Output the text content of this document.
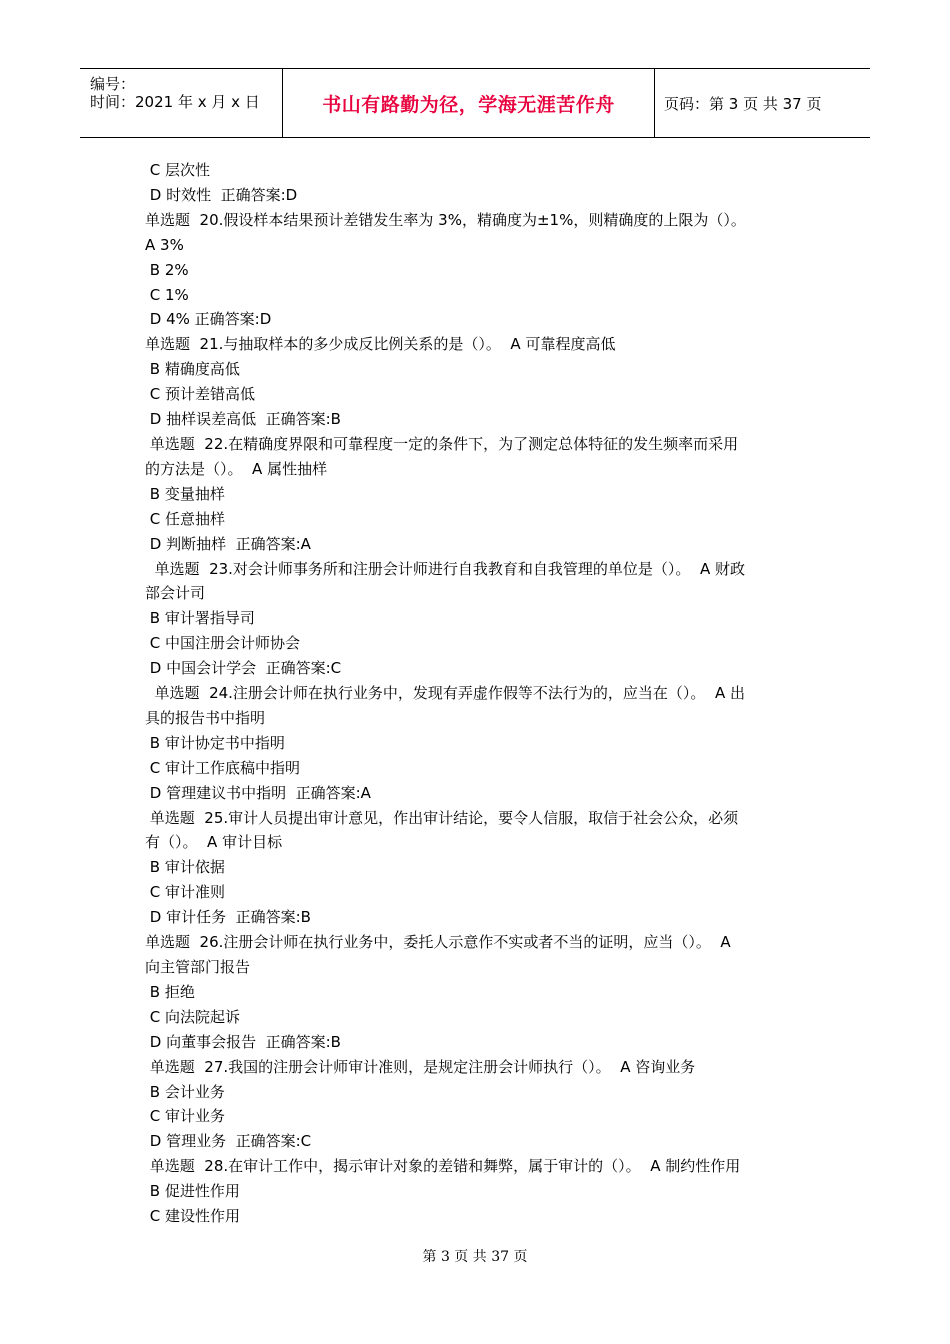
编号：
时间：2021 年 x 月 x 日	书山有路勤为径，学海无涯苦作舟	页码：第 3 页 共 37 页
C 层次性
D 时效性  正确答案:D
单选题  20.假设样本结果预计差错发生率为 3%，精确度为±1%，则精确度的上限为（）。
A 3%
B 2%
C 1%
D 4% 正确答案:D
单选题  21.与抽取样本的多少成反比例关系的是（）。  A 可靠程度高低
B 精确度高低
C 预计差错高低
D 抽样误差高低  正确答案:B
单选题  22.在精确度界限和可靠程度一定的条件下，为了测定总体特征的发生频率而采用
的方法是（）。  A 属性抽样
B 变量抽样
C 任意抽样
D 判断抽样  正确答案:A
单选题  23.对会计师事务所和注册会计师进行自我教育和自我管理的单位是（）。  A 财政
部会计司
B 审计署指导司
C 中国注册会计师协会
D 中国会计学会  正确答案:C
单选题  24.注册会计师在执行业务中，发现有弄虚作假等不法行为的，应当在（）。  A 出
具的报告书中指明
B 审计协定书中指明
C 审计工作底稿中指明
D 管理建议书中指明  正确答案:A
单选题  25.审计人员提出审计意见，作出审计结论，要令人信服，取信于社会公众，必须
有（）。  A 审计目标
B 审计依据
C 审计准则
D 审计任务  正确答案:B
单选题  26.注册会计师在执行业务中，委托人示意作不实或者不当的证明，应当（）。  A
向主管部门报告
B 拒绝
C 向法院起诉
D 向董事会报告  正确答案:B
单选题  27.我国的注册会计师审计准则，是规定注册会计师执行（）。  A 咨询业务
B 会计业务
C 审计业务
D 管理业务  正确答案:C
单选题  28.在审计工作中，揭示审计对象的差错和舞弊，属于审计的（）。  A 制约性作用
B 促进性作用
C 建设性作用
第 3 页 共 37 页
